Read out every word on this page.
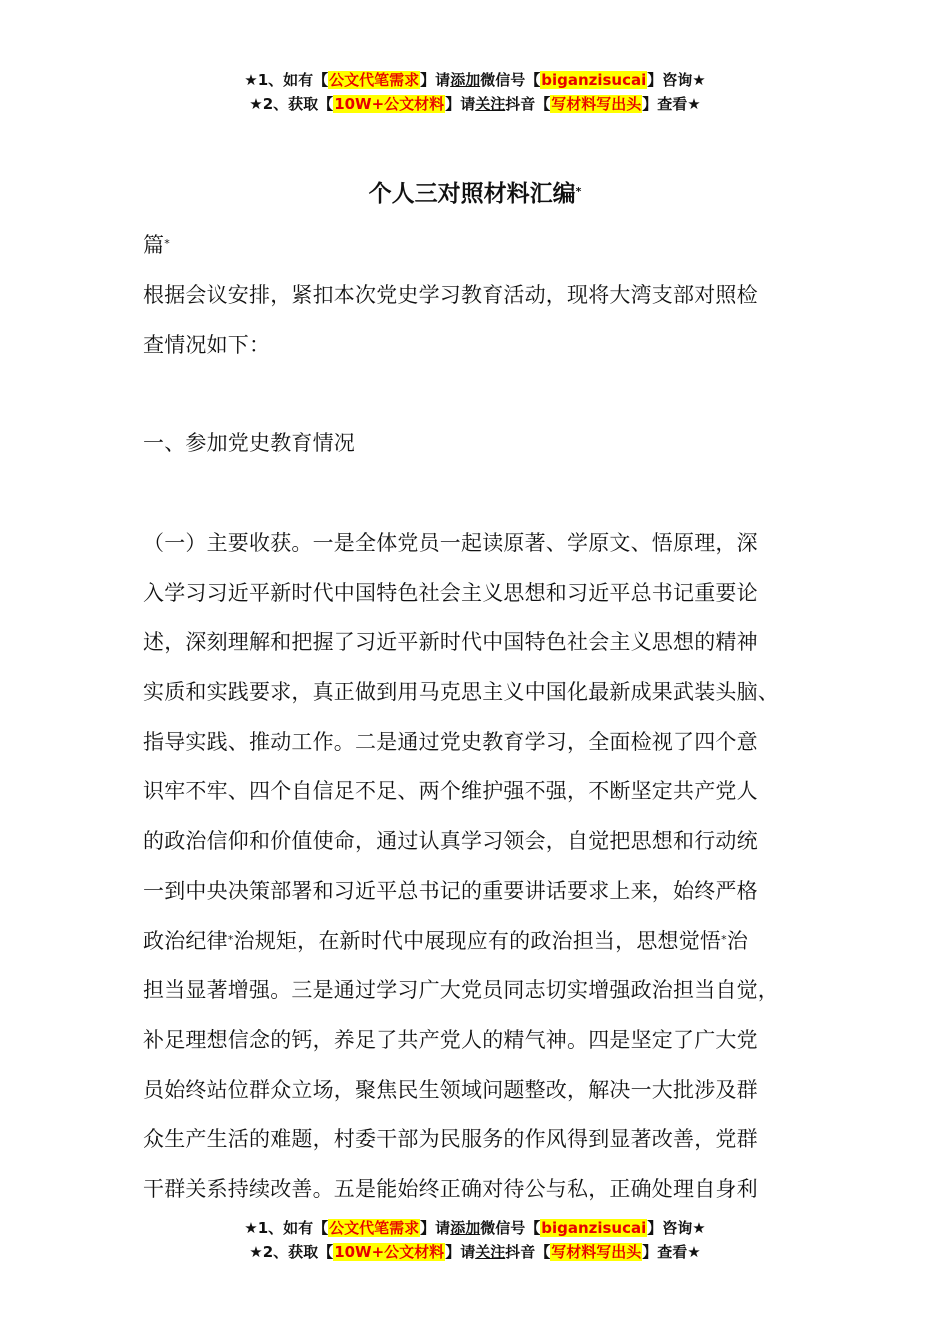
★1、如有【公文代笔需求】请添加微信号【biganzisucai】咨询★
★2、获取【10W+公文材料】请关注抖音【写材料写出头】查看★
个人三对照材料汇编*
篇*
根据会议安排，紧扣本次党史学习教育活动，现将大湾支部对照检
查情况如下：
一、参加党史教育情况
（一）主要收获。一是全体党员一起读原著、学原文、悟原理，深
入学习习近平新时代中国特色社会主义思想和习近平总书记重要论
述，深刻理解和把握了习近平新时代中国特色社会主义思想的精神
实质和实践要求，真正做到用马克思主义中国化最新成果武装头脑、
指导实践、推动工作。二是通过党史教育学习，全面检视了四个意
识牢不牢、四个自信足不足、两个维护强不强，不断坚定共产党人
的政治信仰和价值使命，通过认真学习领会，自觉把思想和行动统
一到中央决策部署和习近平总书记的重要讲话要求上来，始终严格
政治纪律*治规矩，在新时代中展现应有的政治担当，思想觉悟*治
担当显著增强。三是通过学习广大党员同志切实增强政治担当自觉，
补足理想信念的钙，养足了共产党人的精气神。四是坚定了广大党
员始终站位群众立场，聚焦民生领域问题整改，解决一大批涉及群
众生产生活的难题，村委干部为民服务的作风得到显著改善，党群
干群关系持续改善。五是能始终正确对待公与私，正确处理自身利
★1、如有【公文代笔需求】请添加微信号【biganzisucai】咨询★
★2、获取【10W+公文材料】请关注抖音【写材料写出头】查看★
